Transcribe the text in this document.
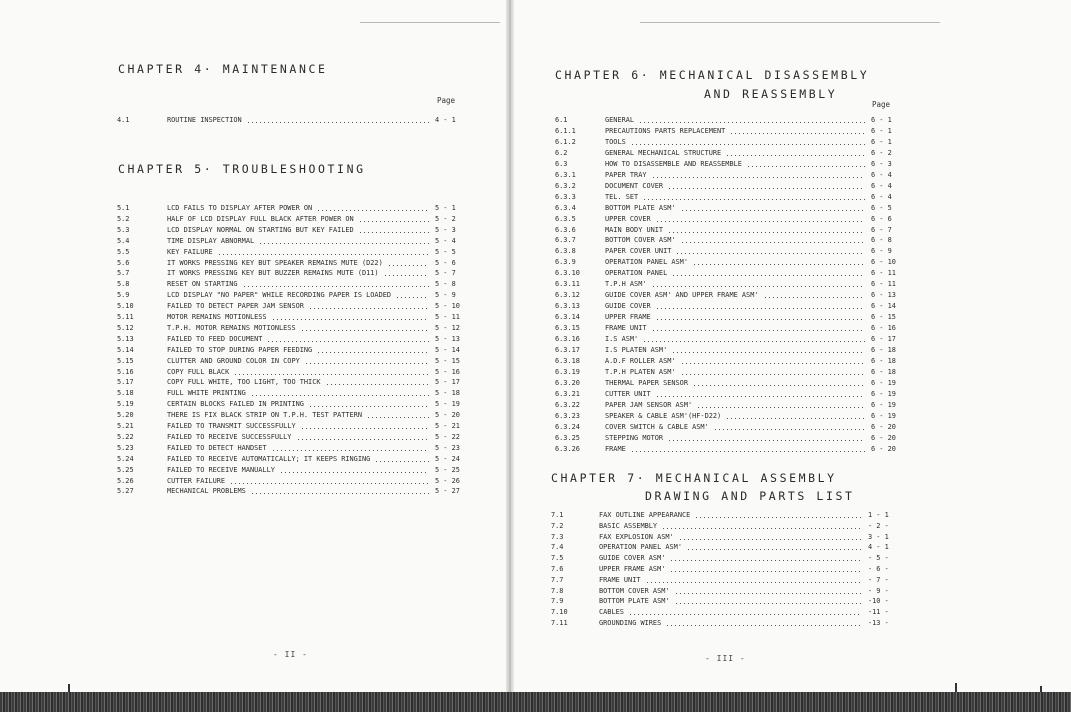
CHAPTER 4· MAINTENANCE
Page
4.1	ROUTINE INSPECTION	4 - 1
CHAPTER 5· TROUBLESHOOTING
5.1	LCD FAILS TO DISPLAY AFTER POWER ON	5 - 1
5.2	HALF OF LCD DISPLAY FULL BLACK AFTER POWER ON	5 - 2
5.3	LCD DISPLAY NORMAL ON STARTING BUT KEY FAILED	5 - 3
5.4	TIME DISPLAY ABNORMAL	5 - 4
5.5	KEY FAILURE	5 - 5
5.6	IT WORKS PRESSING KEY BUT SPEAKER REMAINS MUTE (D22)	5 - 6
5.7	IT WORKS PRESSING KEY BUT BUZZER REMAINS MUTE (D11)	5 - 7
5.8	RESET ON STARTING	5 - 8
5.9	LCD DISPLAY "NO PAPER" WHILE RECORDING PAPER IS LOADED	5 - 9
5.10	FAILED TO DETECT PAPER JAM SENSOR	5 - 10
5.11	MOTOR REMAINS MOTIONLESS	5 - 11
5.12	T.P.H. MOTOR REMAINS MOTIONLESS	5 - 12
5.13	FAILED TO FEED DOCUMENT	5 - 13
5.14	FAILED TO STOP DURING PAPER FEEDING	5 - 14
5.15	CLUTTER AND GROUND COLOR IN COPY	5 - 15
5.16	COPY FULL BLACK	5 - 16
5.17	COPY FULL WHITE, TOO LIGHT, TOO THICK	5 - 17
5.18	FULL WHITE PRINTING	5 - 18
5.19	CERTAIN BLOCKS FAILED IN PRINTING	5 - 19
5.20	THERE IS FIX BLACK STRIP ON T.P.H. TEST PATTERN	5 - 20
5.21	FAILED TO TRANSMIT SUCCESSFULLY	5 - 21
5.22	FAILED TO RECEIVE SUCCESSFULLY	5 - 22
5.23	FAILED TO DETECT HANDSET	5 - 23
5.24	FAILED TO RECEIVE AUTOMATICALLY; IT KEEPS RINGING	5 - 24
5.25	FAILED TO RECEIVE MANUALLY	5 - 25
5.26	CUTTER FAILURE	5 - 26
5.27	MECHANICAL PROBLEMS	5 - 27
- II -
CHAPTER 6· MECHANICAL DISASSEMBLY
AND REASSEMBLY
Page
6.1	GENERAL	6 - 1
6.1.1	PRECAUTIONS PARTS REPLACEMENT	6 - 1
6.1.2	TOOLS	6 - 1
6.2	GENERAL MECHANICAL STRUCTURE	6 - 2
6.3	HOW TO DISASSEMBLE AND REASSEMBLE	6 - 3
6.3.1	PAPER TRAY	6 - 4
6.3.2	DOCUMENT COVER	6 - 4
6.3.3	TEL. SET	6 - 4
6.3.4	BOTTOM PLATE ASM'	6 - 5
6.3.5	UPPER COVER	6 - 6
6.3.6	MAIN BODY UNIT	6 - 7
6.3.7	BOTTOM COVER ASM'	6 - 8
6.3.8	PAPER COVER UNIT	6 - 9
6.3.9	OPERATION PANEL ASM'	6 - 10
6.3.10	OPERATION PANEL	6 - 11
6.3.11	T.P.H ASM'	6 - 11
6.3.12	GUIDE COVER ASM' AND UPPER FRAME ASM'	6 - 13
6.3.13	GUIDE COVER	6 - 14
6.3.14	UPPER FRAME	6 - 15
6.3.15	FRAME UNIT	6 - 16
6.3.16	I.S ASM'	6 - 17
6.3.17	I.S PLATEN ASM'	6 - 18
6.3.18	A.D.F ROLLER ASM'	6 - 18
6.3.19	T.P.H PLATEN ASM'	6 - 18
6.3.20	THERMAL PAPER SENSOR	6 - 19
6.3.21	CUTTER UNIT	6 - 19
6.3.22	PAPER JAM SENSOR ASM'	6 - 19
6.3.23	SPEAKER & CABLE ASM'(HF-D22)	6 - 19
6.3.24	COVER SWITCH & CABLE ASM'	6 - 20
6.3.25	STEPPING MOTOR	6 - 20
6.3.26	FRAME	6 - 20
CHAPTER 7· MECHANICAL ASSEMBLY
DRAWING AND PARTS LIST
7.1	FAX OUTLINE APPEARANCE	1 - 1
7.2	BASIC ASSEMBLY	- 2 -
7.3	FAX EXPLOSION ASM'	3 - 1
7.4	OPERATION PANEL ASM'	4 - 1
7.5	GUIDE COVER ASM'	- 5 -
7.6	UPPER FRAME ASM'	- 6 -
7.7	FRAME UNIT	- 7 -
7.8	BOTTOM COVER ASM'	- 9 -
7.9	BOTTOM PLATE ASM'	-10 -
7.10	CABLES	-11 -
7.11	GROUNDING WIRES	-13 -
- III -
